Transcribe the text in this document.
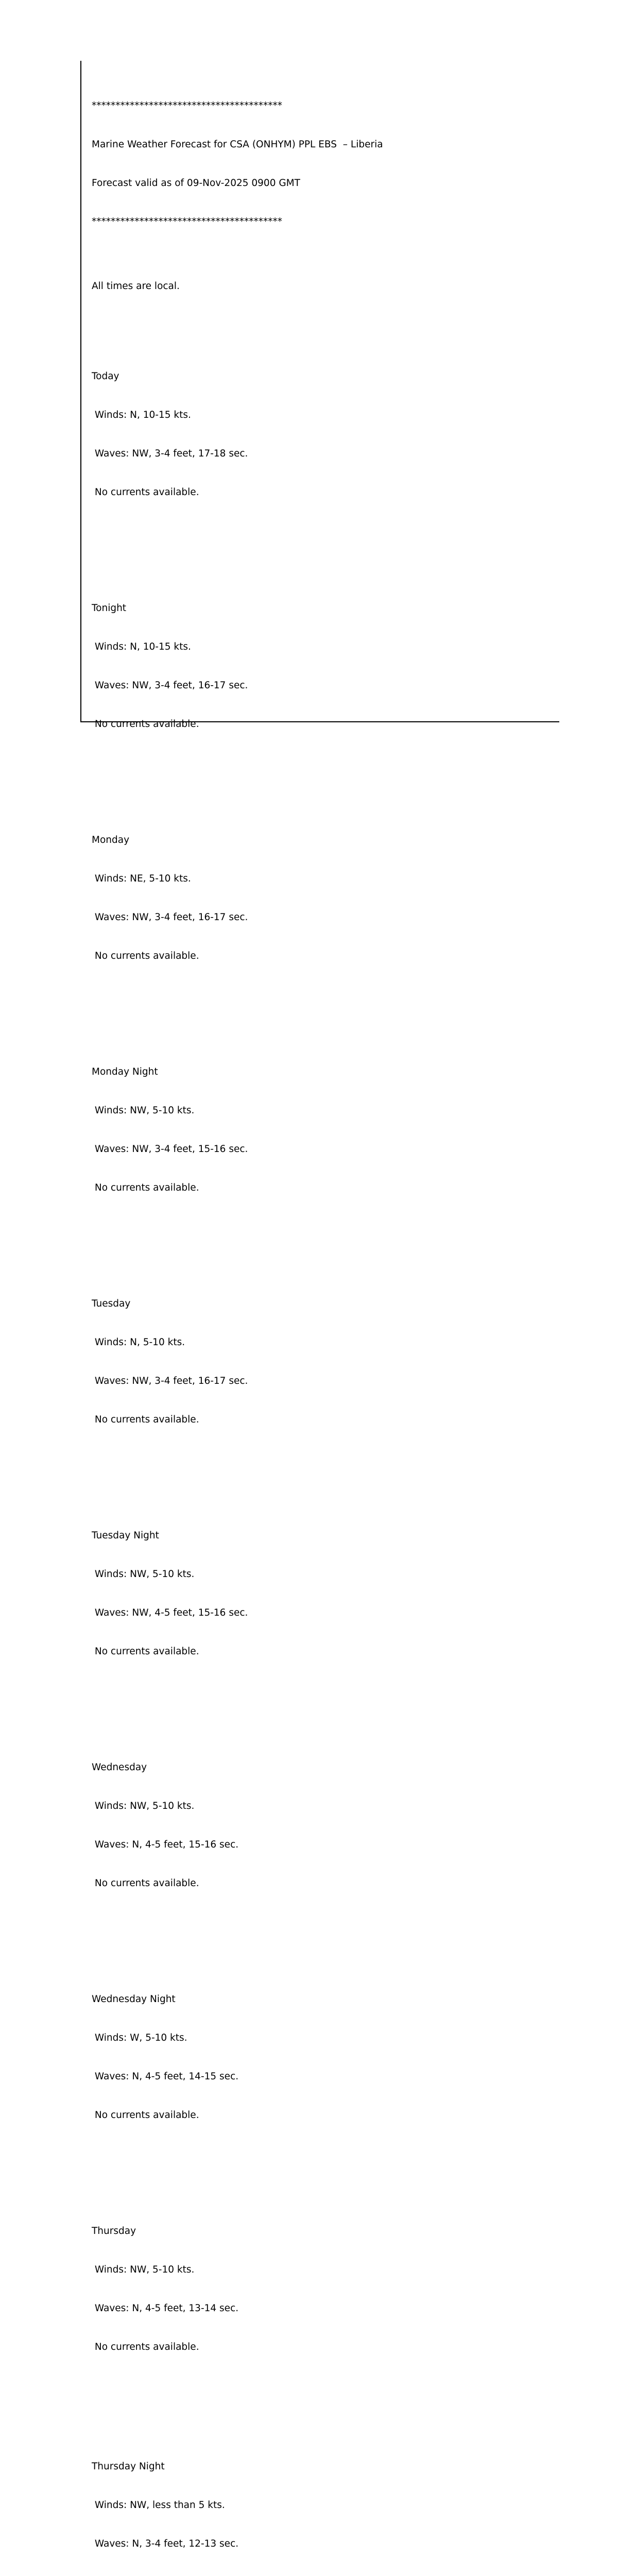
****************************************

Marine Weather Forecast for CSA (ONHYM) PPL EBS  – Liberia

Forecast valid as of 09-Nov-2025 0900 GMT

****************************************

All times are local.

Today

Winds: N, 10-15 kts.

Waves: NW, 3-4 feet, 17-18 sec.

No currents available.

Tonight

Winds: N, 10-15 kts.

Waves: NW, 3-4 feet, 16-17 sec.

No currents available.

Monday

Winds: NE, 5-10 kts.

Waves: NW, 3-4 feet, 16-17 sec.

No currents available.

Monday Night

Winds: NW, 5-10 kts.

Waves: NW, 3-4 feet, 15-16 sec.

No currents available.

Tuesday

Winds: N, 5-10 kts.

Waves: NW, 3-4 feet, 16-17 sec.

No currents available.

Tuesday Night

Winds: NW, 5-10 kts.

Waves: NW, 4-5 feet, 15-16 sec.

No currents available.

Wednesday

Winds: NW, 5-10 kts.

Waves: N, 4-5 feet, 15-16 sec.

No currents available.

Wednesday Night

Winds: W, 5-10 kts.

Waves: N, 4-5 feet, 14-15 sec.

No currents available.

Thursday

Winds: NW, 5-10 kts.

Waves: N, 4-5 feet, 13-14 sec.

No currents available.

Thursday Night

Winds: NW, less than 5 kts.

Waves: N, 3-4 feet, 12-13 sec.
